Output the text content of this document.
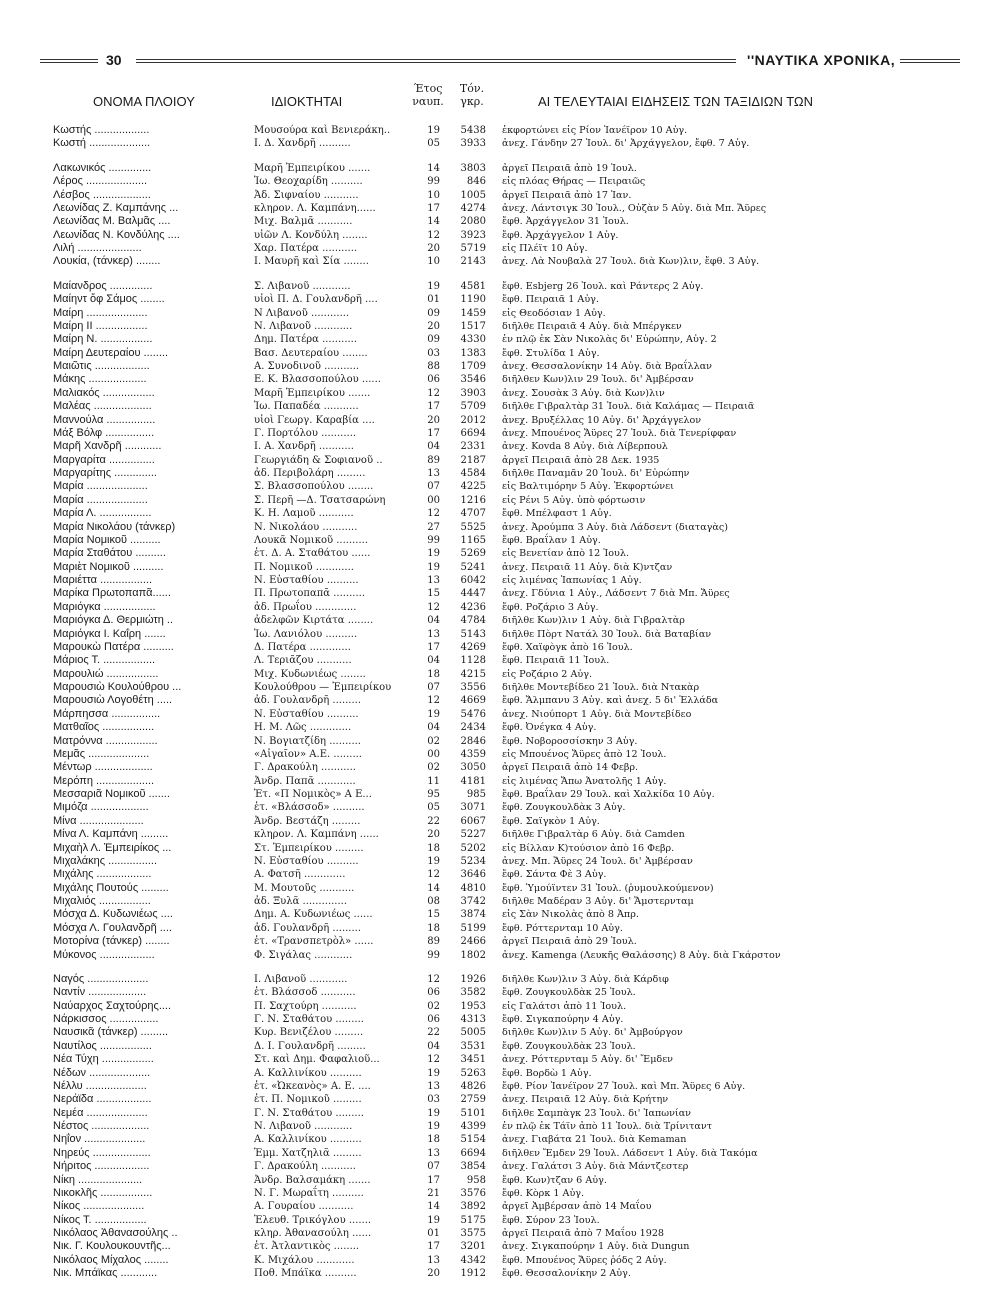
30	''ΝΑΥΤΙΚΑ ΧΡΟΝΙΚΑ,
ΟΝΟΜΑ ΠΛΟΙΟΥ	ΙΔΙΟΚΤΗΤΑΙ
Έτος
ναυπ.
Τόν.
γκρ.	ΑΙ ΤΕΛΕΥΤΑΙΑΙ ΕΙΔΗΣΕΙΣ ΤΩΝ ΤΑΞΙΔΙΩΝ ΤΩΝ
Κωστής ..................	Μουσούρα καὶ Βενιεράκη..	19	5438 ἐκφορτώνει εἰς Ρίον Ἰανέϊρον 10 Αὐγ.
Κωστή ....................	Ι. Δ. Χανδρῆ ..........	05	3933 ἀνεχ. Γάνδην 27 Ἰουλ. δι' Ἀρχάγγελον, ἔφθ. 7 Αὐγ.
Λακωνικός ..............	Μαρῆ Ἐμπειρίκου .......	14	3803 ἀργεῖ Πειραιᾶ ἀπὸ 19 Ἰουλ.
Λέρος ....................	Ἰω. Θεοχαρίδη ..........	99	846 εἰς πλόας Θήρας — Πειραιῶς
Λέσβος ...................	Ἀδ. Σιφναίου ...........	10	1005 ἀργεῖ Πειραιᾶ ἀπὸ 17 Ἰαν.
Λεωνίδας Ζ. Καμπάνης ...	κληρον. Λ. Καμπάνη......	17	4274 ἀνεχ. Λάντσιγκ 30 Ἰουλ., Οὐζὰν 5 Αὐγ. διὰ Μπ. Ἄϋρες
Λεωνίδας Μ. Βαλμᾶς ....	Μιχ. Βαλμᾶ ...........	14	2080 ἔφθ. Ἀρχάγγελον 31 Ἰουλ.
Λεωνίδας Ν. Κονδύλης ....	υἱῶν Λ. Κονδύλη ........	12	3923 ἔφθ. Ἀρχάγγελον 1 Αὐγ.
Λιλή .....................	Χαρ. Πατέρα ...........	20	5719 εἰς Πλέϊτ 10 Αὐγ.
Λουκία, (τάνκερ) ........	Ι. Μαυρῆ καὶ Σία ........	10	2143 ἀνεχ. Λὰ Νουβαλὰ 27 Ἰουλ. διὰ Κων)λιν, ἔφθ. 3 Αὐγ.
Μαίανδρος ..............	Σ. Λιβανοῦ ............	19	4581 ἔφθ. Esbjerg 26 Ἰουλ. καὶ Ράντερς 2 Αὐγ.
Μαίηντ ὄφ Σάμος ........	υἱοὶ Π. Δ. Γουλανδρῆ ....	01	1190 ἔφθ. Πειραιᾶ 1 Αὐγ.
Μαίρη ....................	Ν Λιβανοῦ ............	09	1459 εἰς Θεοδόσιαν 1 Αὐγ.
Μαίρη ΙΙ .................	Ν. Λιβανοῦ ............	20	1517 διῆλθε Πειραιᾶ 4 Αὐγ. διὰ Μπέργκεν
Μαίρη Ν. .................	Δημ. Πατέρα ...........	09	4330 ἐν πλῷ ἐκ Σὰν Νικολὰς δι' Εὐρώπην, Αὐγ. 2
Μαίρη Δευτεραίου ........	Βασ. Δευτεραίου ........	03	1383 ἔφθ. Στυλίδα 1 Αὐγ.
Μαιῶτις ..................	Α. Συνοδινοῦ ...........	88	1709 ἀνεχ. Θεσσαλονίκην 14 Αὐγ. διὰ Βραΐλλαν
Μάκης ...................	Ε. Κ. Βλασσοπούλου ......	06	3546 διῆλθεν Κων)λιν 29 Ἰουλ. δι' Ἀμβέρσαν
Μαλιακός .................	Μαρῆ Ἐμπειρίκου .......	12	3903 ἀνεχ. Σουσὰκ 3 Αὐγ. διὰ Κων)λιν
Μαλέας ...................	Ἰω. Παπαδέα ...........	17	5709 διῆλθε Γιβραλτὰρ 31 Ἰουλ. διὰ Καλάμας — Πειραιᾶ
Μαννούλα ................	υἱοὶ Γεωργ. Καραβία ....	20	2012 ἀνεχ. Βρυξέλλας 10 Αὐγ. δι' Ἀρχάγγελον
Μάξ Βόλφ ................	Γ. Πορτόλου ...........	17	6694 ἀνεχ. Μπουένος Ἄϋρες 27 Ἰουλ. διὰ Τενερίφφαν
Μαρῆ Χανδρῆ ............	Ι. Α. Χανδρῆ ...........	04	2331 ἀνεχ. Kovda 8 Αὐγ. διὰ Λίβερπουλ
Μαργαρίτα ...............	Γεωργιάδη & Σοφιανοῦ ..	89	2187 ἀργεῖ Πειραιᾶ ἀπὸ 28 Δεκ. 1935
Μαργαρίτης ..............	ἀδ. Περιβολάρη .........	13	4584 διῆλθε Παναμᾶν 20 Ἰουλ. δι' Εὐρώπην
Μαρία ....................	Σ. Βλασσοπούλου ........	07	4225 εἰς Βαλτιμόρην 5 Αὐγ. Ἐκφορτώνει
Μαρία ....................	Σ. Περῆ —Δ. Τσατσαρώνη	00	1216 εἰς Ρένι 5 Αὐγ. ὑπὸ φόρτωσιν
Μαρία Λ. .................	Κ. Η. Λαμοῦ ...........	12	4707 ἔφθ. Μπέλφαστ 1 Αὐγ.
Μαρία Νικολάου (τάνκερ)	Ν. Νικολάου ...........	27	5525 ἀνεχ. Ἀρούμπα 3 Αὐγ. διὰ Λάδσεντ (διαταγὰς)
Μαρία Νομικοῦ ..........	Λουκᾶ Νομικοῦ ..........	99	1165 ἔφθ. Βραΐλαν 1 Αὐγ.
Μαρία Σταθάτου ..........	ἑτ. Δ. Α. Σταθάτου ......	19	5269 εἰς Βενετίαν ἀπὸ 12 Ἰουλ.
Μαριὲτ Νομικοῦ ..........	Π. Νομικοῦ ............	19	5241 ἀνεχ. Πειραιᾶ 11 Αὐγ. διὰ Κ)ντζαν
Μαριέττα .................	Ν. Εὐσταθίου ..........	13	6042 εἰς λιμένας Ἰαπωνίας 1 Αὐγ.
Μαρίκα Πρωτοπαπᾶ......	Π. Πρωτοπαπᾶ ..........	15	4447 ἀνεχ. Γδύνια 1 Αὐγ., Λάδσεντ 7 διὰ Μπ. Ἄϋρες
Μαριόγκα .................	ἀδ. Πρωΐου .............	12	4236 ἔφθ. Ροζάριο 3 Αὐγ.
Μαριόγκα Δ. Θερμιώτη ..	ἀδελφῶν Κιρτάτα ........	04	4784 διῆλθε Κων)λιν 1 Αὐγ. διὰ Γιβραλτὰρ
Μαριόγκα Ι. Καΐρη .......	Ἰω. Λανιόλου ..........	13	5143 διῆλθε Πὸρτ Νατάλ 30 Ἰουλ. διὰ Βαταβίαν
Μαρουκὼ Πατέρα ..........	Δ. Πατέρα .............	17	4269 ἔφθ. Χαϊφὸγκ ἀπὸ 16 Ἰουλ.
Μάριος Τ. .................	Λ. Τεριᾶζου ...........	04	1128 ἔφθ. Πειραιᾶ 11 Ἰουλ.
Μαρουλιώ .................	Μιχ. Κυδωνιέως ........	18	4215 εἰς Ροζάριο 2 Αὐγ.
Μαρουσιὼ Κουλούθρου ...	Κουλούθρου — Ἐμπειρίκου	07	3556 διῆλθε Μοντεβίδεο 21 Ἰουλ. διὰ Ντακὰρ
Μαρουσιὼ Λογοθέτη .....	ἀδ. Γουλανδρῆ .........	12	4669 ἔφθ. Ἄλμπανυ 3 Αὐγ. καὶ ἀνεχ. 5 δι' Ἑλλάδα
Μάρπησσα ................	Ν. Εὐσταθίου ..........	19	5476 ἀνεχ. Νιούπορτ 1 Αὐγ. διὰ Μοντεβίδεο
Ματθαῖος .................	Η. Μ. Λῶς .............	04	2434 ἔφθ. Ὀνέγκα 4 Αὐγ.
Ματρόννα .................	Ν. Βογιατζίδη ..........	02	2846 ἔφθ. Νοβοροσσίσκην 3 Αὐγ.
Μεμᾶς ....................	«Αἰγαῖον» Α.Ε. .........	00	4359 εἰς Μπουένος Ἄϋρες ἀπὸ 12 Ἰουλ.
Μέντωρ ...................	Γ. Δρακούλη ...........	02	3050 ἀργεῖ Πειραιᾶ ἀπὸ 14 Φεβρ.
Μερόπη ...................	Ἀνδρ. Παπᾶ ............	11	4181 εἰς λιμένας Ἄπω Ἀνατολῆς 1 Αὐγ.
Μεσσαριᾶ Νομικοῦ .......	Ἑτ. «Π Νομικὸς» Α Ε...	95	985 ἔφθ. Βραΐλαν 29 Ἰουλ. καὶ Χαλκίδα 10 Αὐγ.
Μιμόζα ...................	ἑτ. «Βλάσσοδ» ..........	05	3071 ἔφθ. Ζουγκουλδὰκ 3 Αὐγ.
Μίνα .....................	Ἀνδρ. Βεστάζη .........	22	6067 ἔφθ. Σαϊγκὸν 1 Αὐγ.
Μίνα Λ. Καμπάνη .........	κληρον. Λ. Καμπάνη ......	20	5227 διῆλθε Γιβραλτὰρ 6 Αὐγ. διὰ Camden
Μιχαὴλ Λ. Ἐμπειρίκος ...	Στ. Ἐμπειρίκου .........	18	5202 εἰς Βίλλαν Κ)τούσιον ἀπὸ 16 Φεβρ.
Μιχαλάκης ................	Ν. Εὐσταθίου ..........	19	5234 ἀνεχ. Μπ. Ἄϋρες 24 Ἰουλ. δι' Ἀμβέρσαν
Μιχάλης ..................	Α. Φατσῆ .............	12	3646 ἔφθ. Σάντα Φὲ 3 Αὐγ.
Μιχάλης Πουτούς .........	Μ. Μουτοῦς ...........	14	4810 ἔφθ. Ὑμούϊντεν 31 Ἰουλ. (ῥυμουλκούμενον)
Μιχαλιός .................	ἀδ. Ξυλᾶ ..............	08	3742 διῆλθε Μαδέραν 3 Αὐγ. δι' Ἄμστερνταμ
Μόσχα Δ. Κυδωνιέως ....	Δημ. Α. Κυδωνιέως ......	15	3874 εἰς Σὰν Νικολὰς ἀπὸ 8 Ἀπρ.
Μόσχα Λ. Γουλανδρῆ ....	ἀδ. Γουλανδρῆ .........	18	5199 ἔφθ. Ρόττερνταμ 10 Αὐγ.
Μοτορίνα (τάνκερ) ........	ἑτ. «Τρανσπετρὸλ» ......	89	2466 ἀργεῖ Πειραιᾶ ἀπὸ 29 Ἰουλ.
Μύκονος ..................	Φ. Σιγάλας ............	99	1802 ἀνεχ. Kamenga (Λευκῆς Θαλάσσης) 8 Αὐγ. διὰ Γκάρστον
Ναγός ....................	Ι. Λιβανοῦ ............	12	1926 διῆλθε Κων)λιν 3 Αὐγ. διὰ Κάρδιφ
Ναντίν ...................	ἑτ. Βλάσσοδ ...........	06	3582 ἔφθ. Ζουγκουλδὰκ 25 Ἰουλ.
Ναύαρχος Σαχτούρης....	Π. Σαχτούρη ...........	02	1953 εἰς Γαλάτσι ἀπὸ 11 Ἰουλ.
Νάρκισσος ................	Γ. Ν. Σταθάτου .........	06	4313 ἔφθ. Σιγκαπούρην 4 Αὐγ.
Ναυσικᾶ (τάνκερ) .........	Κυρ. Βενιζέλου .........	22	5005 διῆλθε Κων)λιν 5 Αὐγ. δι' Ἀμβούργον
Ναυτίλος .................	Δ. Ι. Γουλανδρῆ .........	04	3531 ἔφθ. Ζουγκουλδὰκ 23 Ἰουλ.
Νέα Τύχη .................	Στ. καὶ Δημ. Φαφαλιοῦ...	12	3451 ἀνεχ. Ρόττερνταμ 5 Αὐγ. δι' Ἔμδεν
Νέδων ....................	Α. Καλλινίκου ..........	19	5263 ἔφθ. Βορδὼ 1 Αὐγ.
Νέλλυ ....................	ἑτ. «Ὠκεανὸς» Α. Ε. ....	13	4826 ἔφθ. Ρίον Ἰανέϊρον 27 Ἰουλ. καὶ Μπ. Ἄϋρες 6 Αὐγ.
Νεράϊδα ..................	ἑτ. Π. Νομικοῦ .........	03	2759 ἀνεχ. Πειραιᾶ 12 Αὐγ. διὰ Κρήτην
Νεμέα ....................	Γ. Ν. Σταθάτου .........	19	5101 διῆλθε Σαμπὰγκ 23 Ἰουλ. δι' Ἰαπωνίαν
Νέστος ...................	Ν. Λιβανοῦ ............	19	4399 ἐν πλῷ ἐκ Τάϊν ἀπὸ 11 Ἰουλ. διὰ Τρίνιταντ
Νηΐον ....................	Α. Καλλινίκου ..........	18	5154 ἀνεχ. Γιαβάτα 21 Ἰουλ. διὰ Kemaman
Νηρεύς ...................	Ἐμμ. Χατζηλιᾶ .........	13	6694 διῆλθεν Ἔμδεν 29 Ἰουλ. Λάδσεντ 1 Αὐγ. διὰ Τακόμα
Νήριτος ..................	Γ. Δρακούλη ...........	07	3854 ἀνεχ. Γαλάτσι 3 Αὐγ. διὰ Μάντζεστερ
Νίκη .....................	Ἀνδρ. Βαλσαμάκη .......	17	958 ἔφθ. Κων)τζαν 6 Αὐγ.
Νικοκλῆς .................	Ν. Γ. Μωραΐτη ..........	21	3576 ἔφθ. Κὸρκ 1 Αὐγ.
Νίκος ....................	Α. Γουραίου ...........	14	3892 ἀργεῖ Ἀμβέρσαν ἀπὸ 14 Μαΐου
Νίκος Τ. .................	Ἐλευθ. Τρικόγλου .......	19	5175 ἔφθ. Σύρον 23 Ἰουλ.
Νικόλαος Ἀθανασούλης ..	κληρ. Ἀθανασούλη ......	01	3575 ἀργεῖ Πειραιᾶ ἀπὸ 7 Μαΐου 1928
Νικ. Γ. Κουλουκουντῆς...	ἑτ. Ἀτλαντικὸς ........	17	3201 ἀνεχ. Σιγκαπούρην 1 Αὐγ. διὰ Dungun
Νικόλαος Μίχαλος ........	Κ. Μιχάλου ............	13	4342 ἔφθ. Μπουένος Ἄϋρες ῥόδς 2 Αὐγ.
Νικ. Μπάϊκας ............	Ποθ. Μπάϊκα ..........	20	1912 ἔφθ. Θεσσαλονίκην 2 Αὐγ.
